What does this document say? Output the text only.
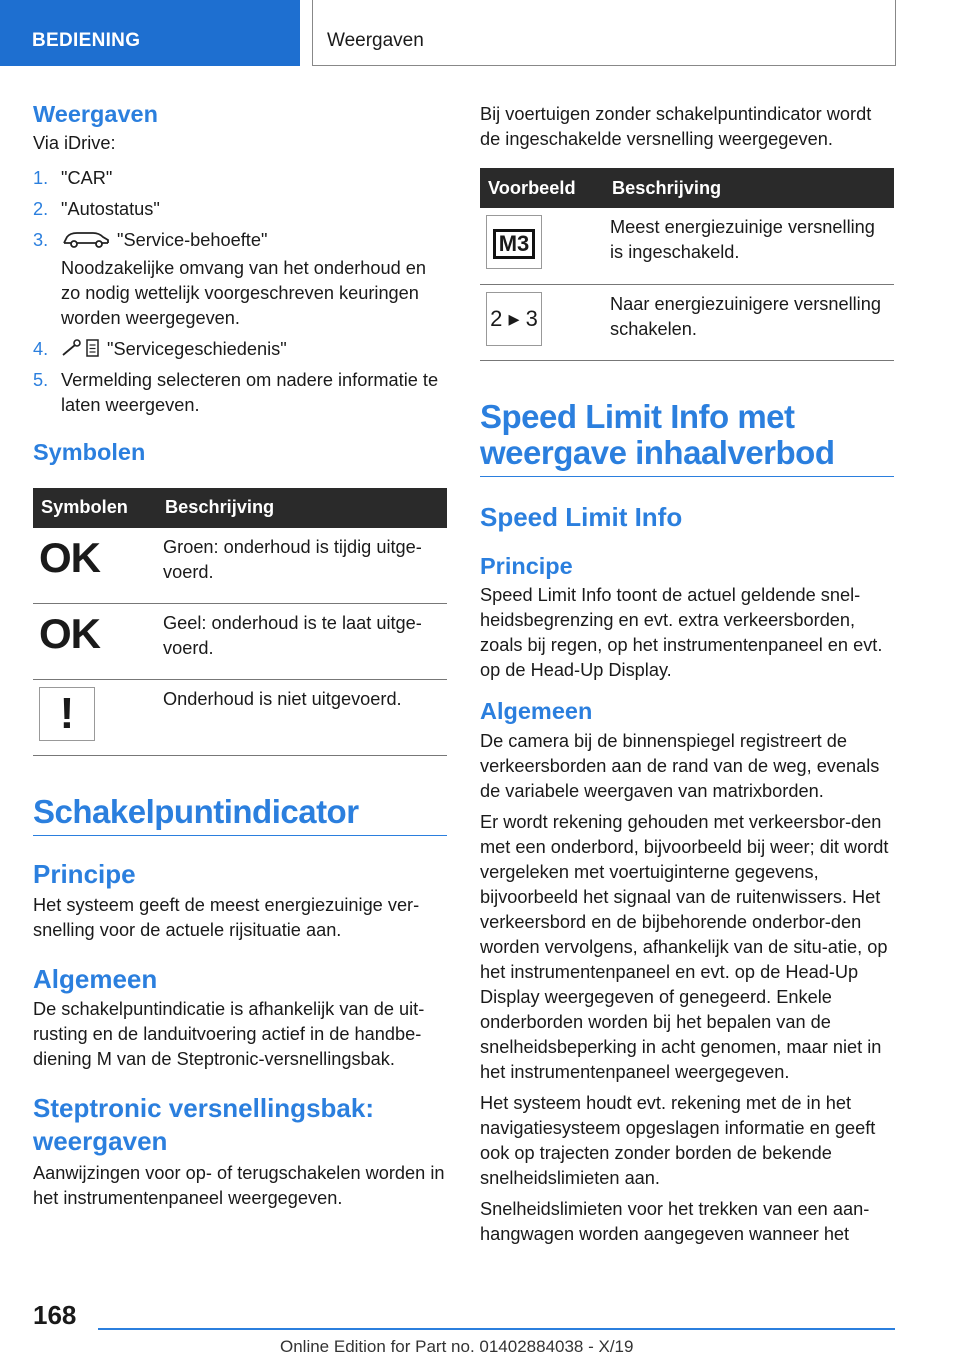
BEDIENING	Weergaven
Weergaven

Via iDrive:

1. "CAR"
2. "Autostatus"
3.	"Service-behoefte"
Noodzakelijke omvang van het onderhoud en zo nodig wettelijk voorgeschreven keuringen worden weergegeven.
4.	"Servicegeschiedenis"
5. Vermelding selecteren om nadere informatie te laten weergeven.
Symbolen
Symbolen	Beschrijving
OK	Groen: onderhoud is tijdig uitge-voerd.
OK	Geel: onderhoud is te laat uitge-voerd.
!	Onderhoud is niet uitgevoerd.
Schakelpuntindicator
Principe

Het systeem geeft de meest energiezuinige ver-snelling voor de actuele rijsituatie aan.

Algemeen

De schakelpuntindicatie is afhankelijk van de uit-rusting en de landuitvoering actief in de handbe-diening M van de Steptronic-versnellingsbak.

Steptronic versnellingsbak: weergaven

Aanwijzingen voor op- of terugschakelen worden in het instrumentenpaneel weergegeven.

Bij voertuigen zonder schakelpuntindicator wordt de ingeschakelde versnelling weergegeven.

Voorbeeld	Beschrijving
M3	Meest energiezuinige versnelling is ingeschakeld.
2 ▸ 3	Naar energiezuinigere versnelling schakelen.
Speed Limit Info met weergave inhaalverbod
Speed Limit Info
Principe

Speed Limit Info toont de actuel geldende snel-heidsbegrenzing en evt. extra verkeersborden, zoals bij regen, op het instrumentenpaneel en evt. op de Head-Up Display.

Algemeen

De camera bij de binnenspiegel registreert de verkeersborden aan de rand van de weg, evenals de variabele weergaven van matrixborden.

Er wordt rekening gehouden met verkeersbor-den met een onderbord, bijvoorbeeld bij weer; dit wordt vergeleken met voertuiginterne gegevens, bijvoorbeeld het signaal van de ruitenwissers. Het verkeersbord en de bijbehorende onderbor-den worden vervolgens, afhankelijk van de situ-atie, op het instrumentenpaneel en evt. op de Head-Up Display weergegeven of genegeerd. Enkele onderborden worden bij het bepalen van de snelheidsbeperking in acht genomen, maar niet in het instrumentenpaneel weergegeven.

Het systeem houdt evt. rekening met de in het navigatiesysteem opgeslagen informatie en geeft ook op trajecten zonder borden de bekende snelheidslimieten aan.

Snelheidslimieten voor het trekken van een aan-hangwagen worden aangegeven wanneer het

168
Online Edition for Part no. 01402884038 - X/19
